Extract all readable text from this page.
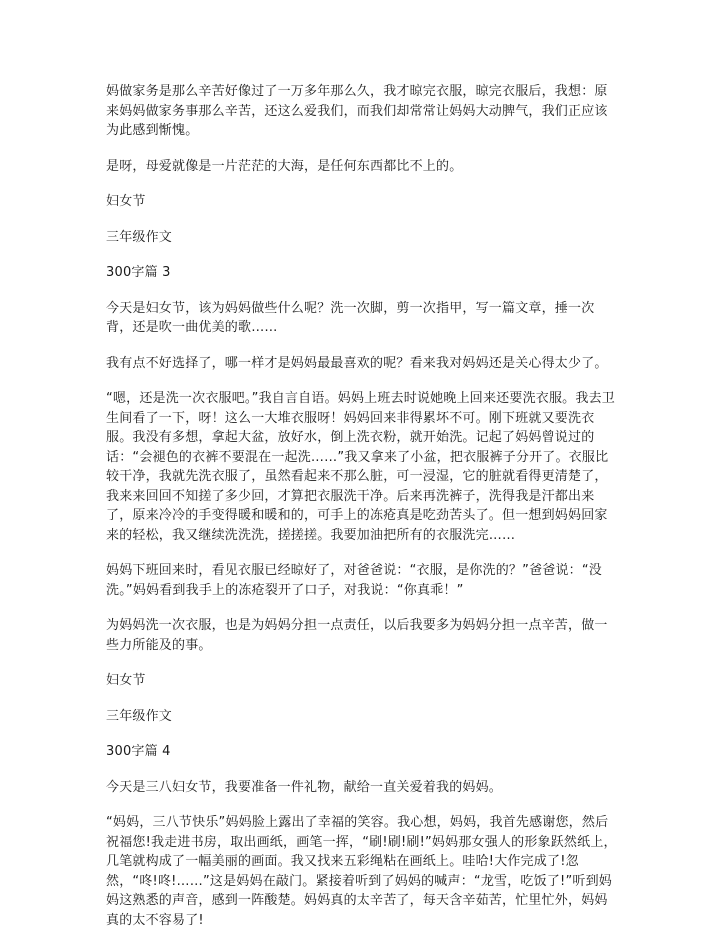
妈做家务是那么辛苦好像过了一万多年那么久，我才晾完衣服，晾完衣服后，我想：原来妈妈做家务事那么辛苦，还这么爱我们，而我们却常常让妈妈大动脾气，我们正应该为此感到惭愧。

是呀，母爱就像是一片茫茫的大海，是任何东西都比不上的。

妇女节

三年级作文

300字篇 3

今天是妇女节，该为妈妈做些什么呢？洗一次脚，剪一次指甲，写一篇文章，捶一次背，还是吹一曲优美的歌……

我有点不好选择了，哪一样才是妈妈最最喜欢的呢？看来我对妈妈还是关心得太少了。

“嗯，还是洗一次衣服吧。”我自言自语。妈妈上班去时说她晚上回来还要洗衣服。我去卫生间看了一下，呀！这么一大堆衣服呀！妈妈回来非得累坏不可。刚下班就又要洗衣服。我没有多想，拿起大盆，放好水，倒上洗衣粉，就开始洗。记起了妈妈曾说过的话：“会褪色的衣裤不要混在一起洗……”我又拿来了小盆，把衣服裤子分开了。衣服比较干净，我就先洗衣服了，虽然看起来不那么脏，可一浸湿，它的脏就看得更清楚了，我来来回回不知搓了多少回，才算把衣服洗干净。后来再洗裤子，洗得我是汗都出来了，原来冷冷的手变得暖和暖和的，可手上的冻疮真是吃劲苦头了。但一想到妈妈回家来的轻松，我又继续洗洗洗，搓搓搓。我要加油把所有的衣服洗完……

妈妈下班回来时，看见衣服已经晾好了，对爸爸说：“衣服，是你洗的？”爸爸说：“没洗。”妈妈看到我手上的冻疮裂开了口子，对我说：“你真乖！”

为妈妈洗一次衣服，也是为妈妈分担一点责任，以后我要多为妈妈分担一点辛苦，做一些力所能及的事。

妇女节

三年级作文

300字篇 4

今天是三八妇女节，我要准备一件礼物，献给一直关爱着我的妈妈。

“妈妈，三八节快乐”妈妈脸上露出了幸福的笑容。我心想，妈妈，我首先感谢您，然后祝福您!我走进书房，取出画纸，画笔一挥，“刷!刷!刷!”妈妈那女强人的形象跃然纸上，几笔就构成了一幅美丽的画面。我又找来五彩绳粘在画纸上。哇哈!大作完成了!忽然，“咚!咚!……”这是妈妈在敲门。紧接着听到了妈妈的喊声：“龙雪，吃饭了!”听到妈妈这熟悉的声音，感到一阵酸楚。妈妈真的太辛苦了，每天含辛茹苦，忙里忙外，妈妈真的太不容易了!
